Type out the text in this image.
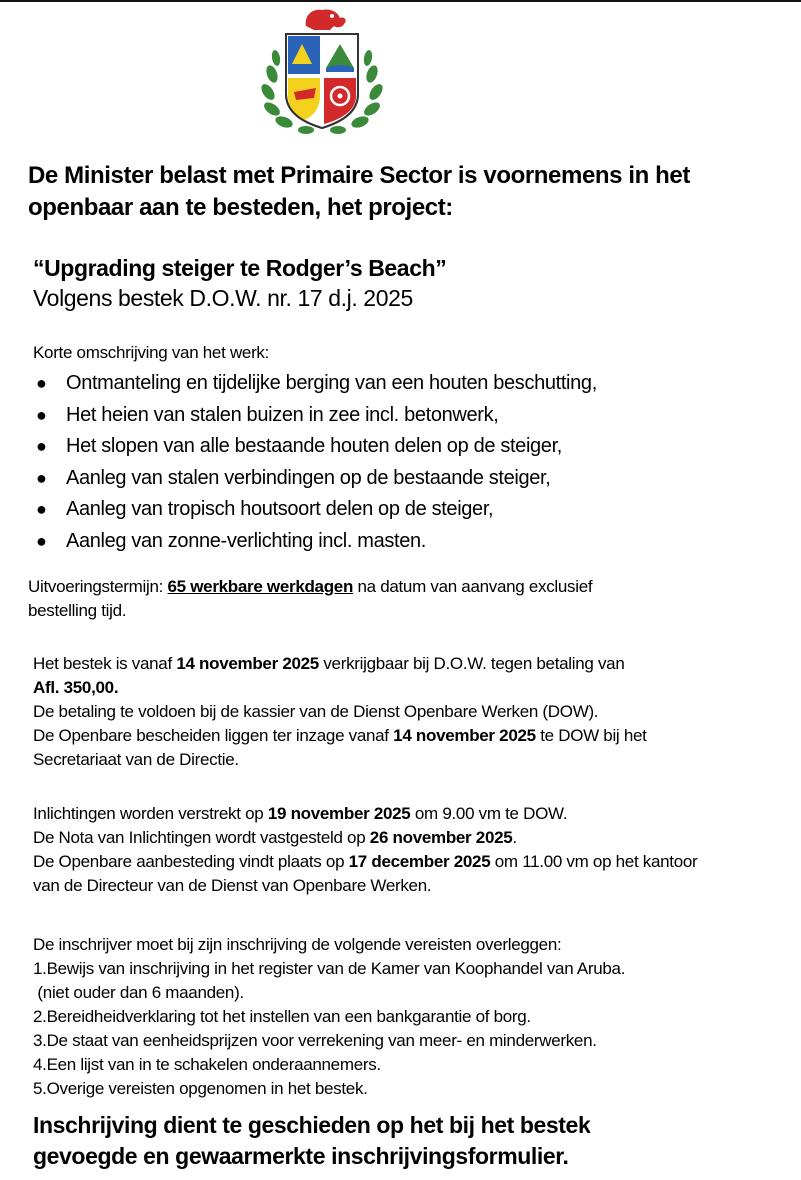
De Minister belast met Primaire Sector is voornemens in het
openbaar aan te besteden, het project:
“Upgrading steiger te Rodger’s Beach”
Volgens bestek D.O.W. nr. 17 d.j. 2025
Korte omschrijving van het werk:
● Ontmanteling en tijdelijke berging van een houten beschutting,
● Het heien van stalen buizen in zee incl. betonwerk,
● Het slopen van alle bestaande houten delen op de steiger,
● Aanleg van stalen verbindingen op de bestaande steiger,
● Aanleg van tropisch houtsoort delen op de steiger,
● Aanleg van zonne-verlichting incl. masten.
Uitvoeringstermijn: 65 werkbare werkdagen na datum van aanvang exclusief
bestelling tijd.
Het bestek is vanaf 14 november 2025 verkrijgbaar bij D.O.W. tegen betaling van
Afl. 350,00.
De betaling te voldoen bij de kassier van de Dienst Openbare Werken (DOW).
De Openbare bescheiden liggen ter inzage vanaf 14 november 2025 te DOW bij het
Secretariaat van de Directie.
Inlichtingen worden verstrekt op 19 november 2025 om 9.00 vm te DOW.
De Nota van Inlichtingen wordt vastgesteld op 26 november 2025.
De Openbare aanbesteding vindt plaats op 17 december 2025 om 11.00 vm op het kantoor
van de Directeur van de Dienst van Openbare Werken.
De inschrijver moet bij zijn inschrijving de volgende vereisten overleggen:
1.Bewijs van inschrijving in het register van de Kamer van Koophandel van Aruba.
(niet ouder dan 6 maanden).
2.Bereidheidverklaring tot het instellen van een bankgarantie of borg.
3.De staat van eenheidsprijzen voor verrekening van meer- en minderwerken.
4.Een lijst van in te schakelen onderaannemers.
5.Overige vereisten opgenomen in het bestek.
Inschrijving dient te geschieden op het bij het bestek
gevoegde en gewaarmerkte inschrijvingsformulier.
